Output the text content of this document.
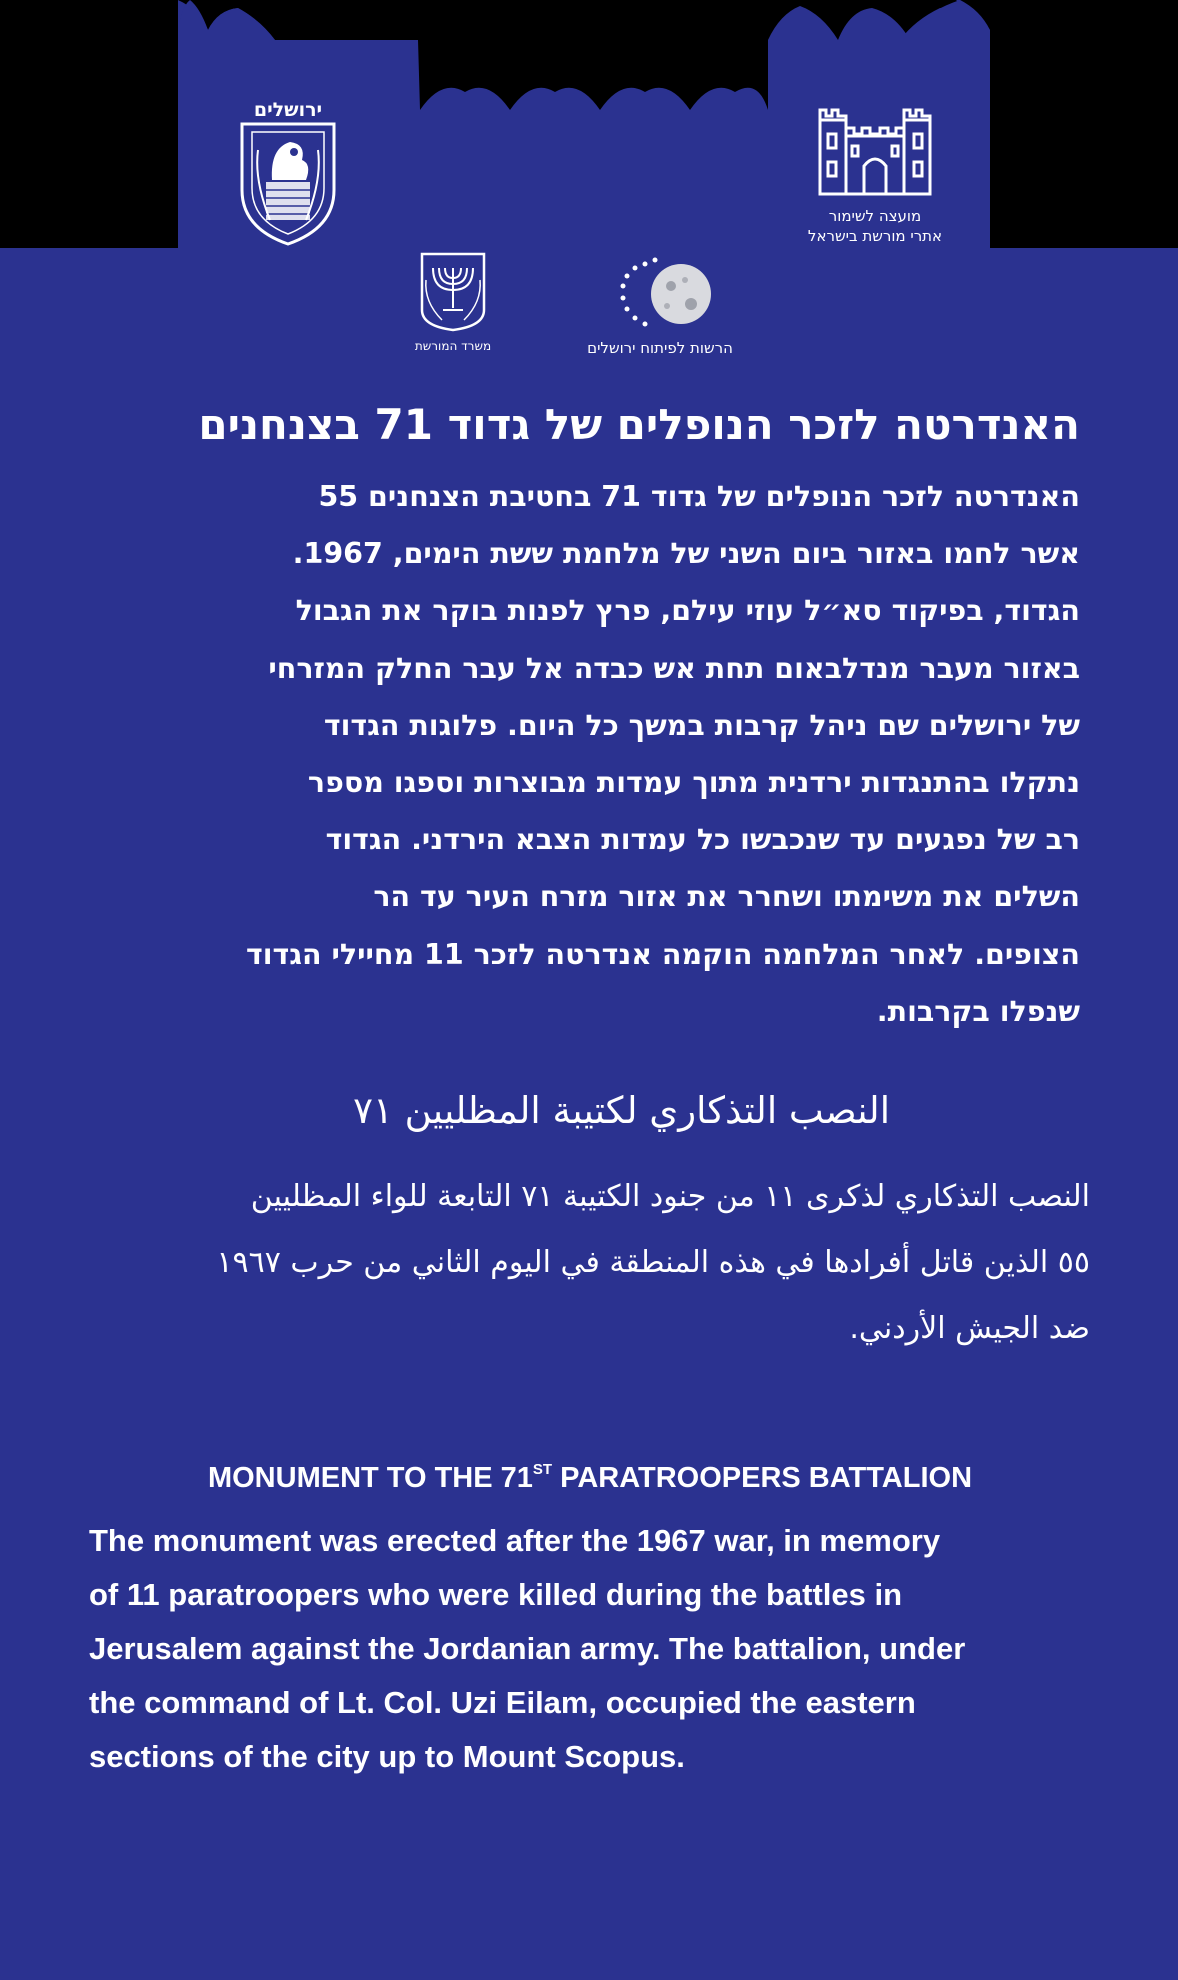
ירושלים
מועצה לשימור
אתרי מורשת בישראל
משרד המורשת	הרשות לפיתוח ירושלים
האנדרטה לזכר הנופלים של גדוד 71 בצנחנים
האנדרטה לזכר הנופלים של גדוד 71 בחטיבת הצנחנים 55
אשר לחמו באזור ביום השני של מלחמת ששת הימים, 1967.
הגדוד, בפיקוד סא״ל עוזי עילם, פרץ לפנות בוקר את הגבול
באזור מעבר מנדלבאום תחת אש כבדה אל עבר החלק המזרחי
של ירושלים שם ניהל קרבות במשך כל היום. פלוגות הגדוד
נתקלו בהתנגדות ירדנית מתוך עמדות מבוצרות וספגו מספר
רב של נפגעים עד שנכבשו כל עמדות הצבא הירדני. הגדוד
השלים את משימתו ושחרר את אזור מזרח העיר עד הר
הצופים. לאחר המלחמה הוקמה אנדרטה לזכר 11 מחיילי הגדוד
שנפלו בקרבות.
النصب التذكاري لكتيبة المظليين ٧١
النصب التذكاري لذكرى ١١ من جنود الكتيبة ٧١ التابعة للواء المظليين
٥٥ الذين قاتل أفرادها في هذه المنطقة في اليوم الثاني من حرب ١٩٦٧
ضد الجيش الأردني.
MONUMENT TO THE 71ST PARATROOPERS BATTALION
The monument was erected after the 1967 war, in memory
of 11 paratroopers who were killed during the battles in
Jerusalem against the Jordanian army. The battalion, under
the command of Lt. Col. Uzi Eilam, occupied the eastern
sections of the city up to Mount Scopus.
